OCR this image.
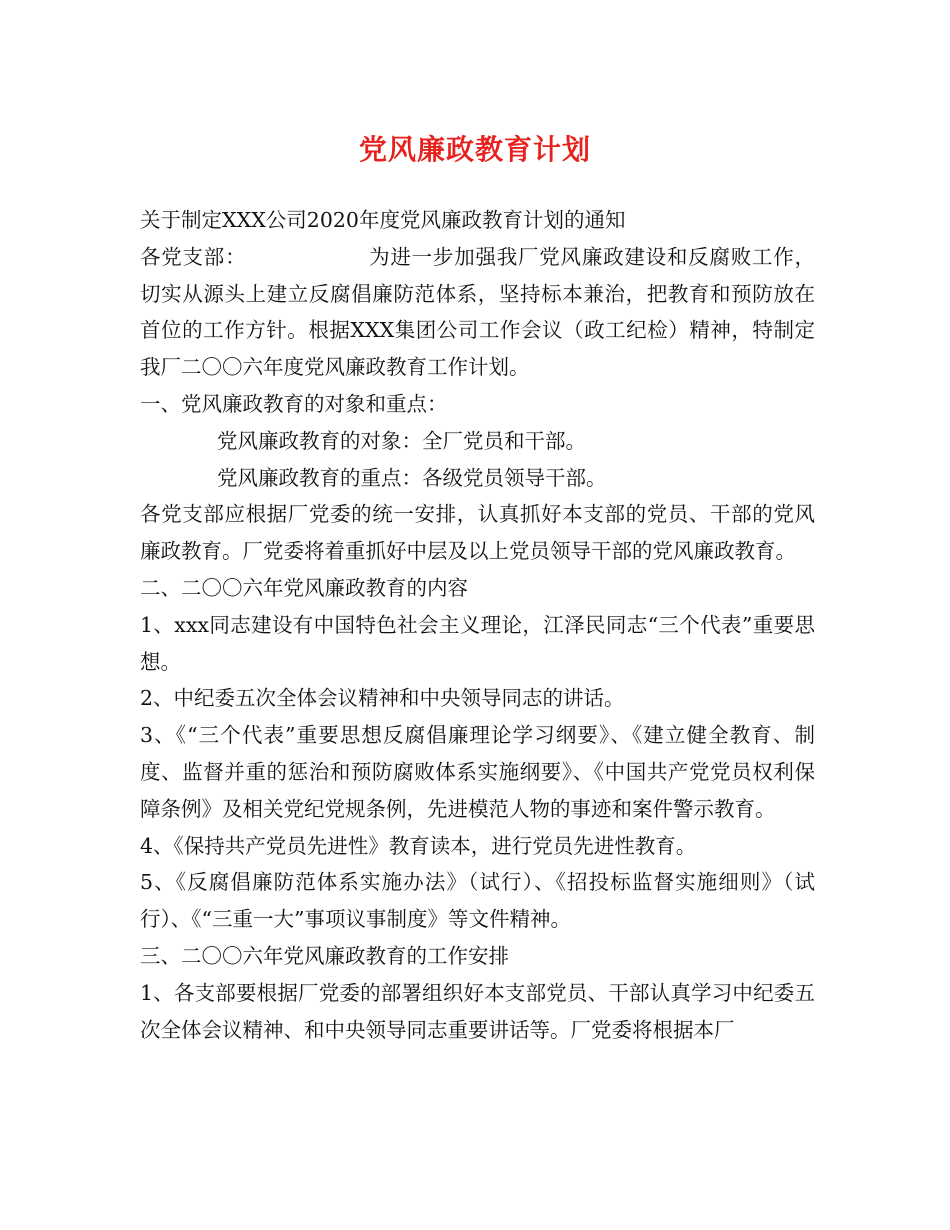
党风廉政教育计划

关于制定XXX公司2020年度党风廉政教育计划的通知

各党支部：	为进一步加强我厂党风廉政建设和反腐败工作，切实从源头上建立反腐倡廉防范体系，坚持标本兼治，把教育和预防放在首位的工作方针。根据XXX集团公司工作会议（政工纪检）精神，特制定我厂二〇〇六年度党风廉政教育工作计划。

一、党风廉政教育的对象和重点：

党风廉政教育的对象：全厂党员和干部。

党风廉政教育的重点：各级党员领导干部。

各党支部应根据厂党委的统一安排，认真抓好本支部的党员、干部的党风廉政教育。厂党委将着重抓好中层及以上党员领导干部的党风廉政教育。

二、二〇〇六年党风廉政教育的内容

1、xxx同志建设有中国特色社会主义理论，江泽民同志“三个代表”重要思想。

2、中纪委五次全体会议精神和中央领导同志的讲话。

3、《“三个代表”重要思想反腐倡廉理论学习纲要》、《建立健全教育、制度、监督并重的惩治和预防腐败体系实施纲要》、《中国共产党党员权利保障条例》及相关党纪党规条例，先进模范人物的事迹和案件警示教育。

4、《保持共产党员先进性》教育读本，进行党员先进性教育。

5、《反腐倡廉防范体系实施办法》（试行）、《招投标监督实施细则》（试行）、《“三重一大”事项议事制度》等文件精神。

三、二〇〇六年党风廉政教育的工作安排

1、各支部要根据厂党委的部署组织好本支部党员、干部认真学习中纪委五次全体会议精神、和中央领导同志重要讲话等。厂党委将根据本厂
